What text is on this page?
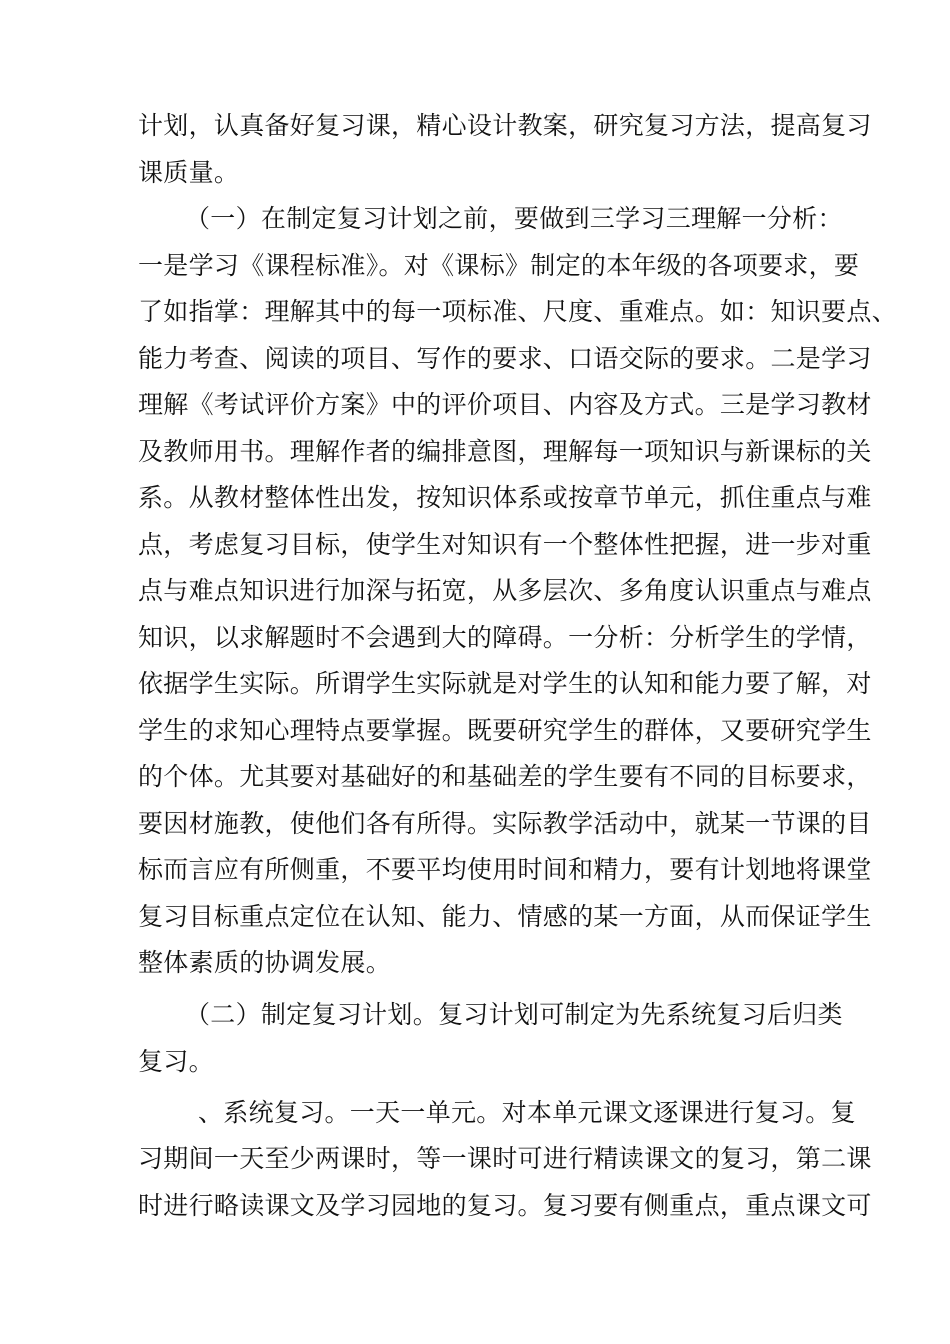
计划，认真备好复习课，精心设计教案，研究复习方法，提高复习

课质量。

（一）在制定复习计划之前，要做到三学习三理解一分析：

一是学习《课程标准》。对《课标》制定的本年级的各项要求，要

了如指掌：理解其中的每一项标准、尺度、重难点。如：知识要点、

能力考查、阅读的项目、写作的要求、口语交际的要求。二是学习

理解《考试评价方案》中的评价项目、内容及方式。三是学习教材

及教师用书。理解作者的编排意图，理解每一项知识与新课标的关

系。从教材整体性出发，按知识体系或按章节单元，抓住重点与难

点，考虑复习目标，使学生对知识有一个整体性把握，进一步对重

点与难点知识进行加深与拓宽，从多层次、多角度认识重点与难点

知识，以求解题时不会遇到大的障碍。一分析：分析学生的学情，

依据学生实际。所谓学生实际就是对学生的认知和能力要了解，对

学生的求知心理特点要掌握。既要研究学生的群体，又要研究学生

的个体。尤其要对基础好的和基础差的学生要有不同的目标要求，

要因材施教，使他们各有所得。实际教学活动中，就某一节课的目

标而言应有所侧重，不要平均使用时间和精力，要有计划地将课堂

复习目标重点定位在认知、能力、情感的某一方面，从而保证学生

整体素质的协调发展。

（二）制定复习计划。复习计划可制定为先系统复习后归类

复习。

、系统复习。一天一单元。对本单元课文逐课进行复习。复

习期间一天至少两课时，等一课时可进行精读课文的复习，第二课

时进行略读课文及学习园地的复习。复习要有侧重点，重点课文可
